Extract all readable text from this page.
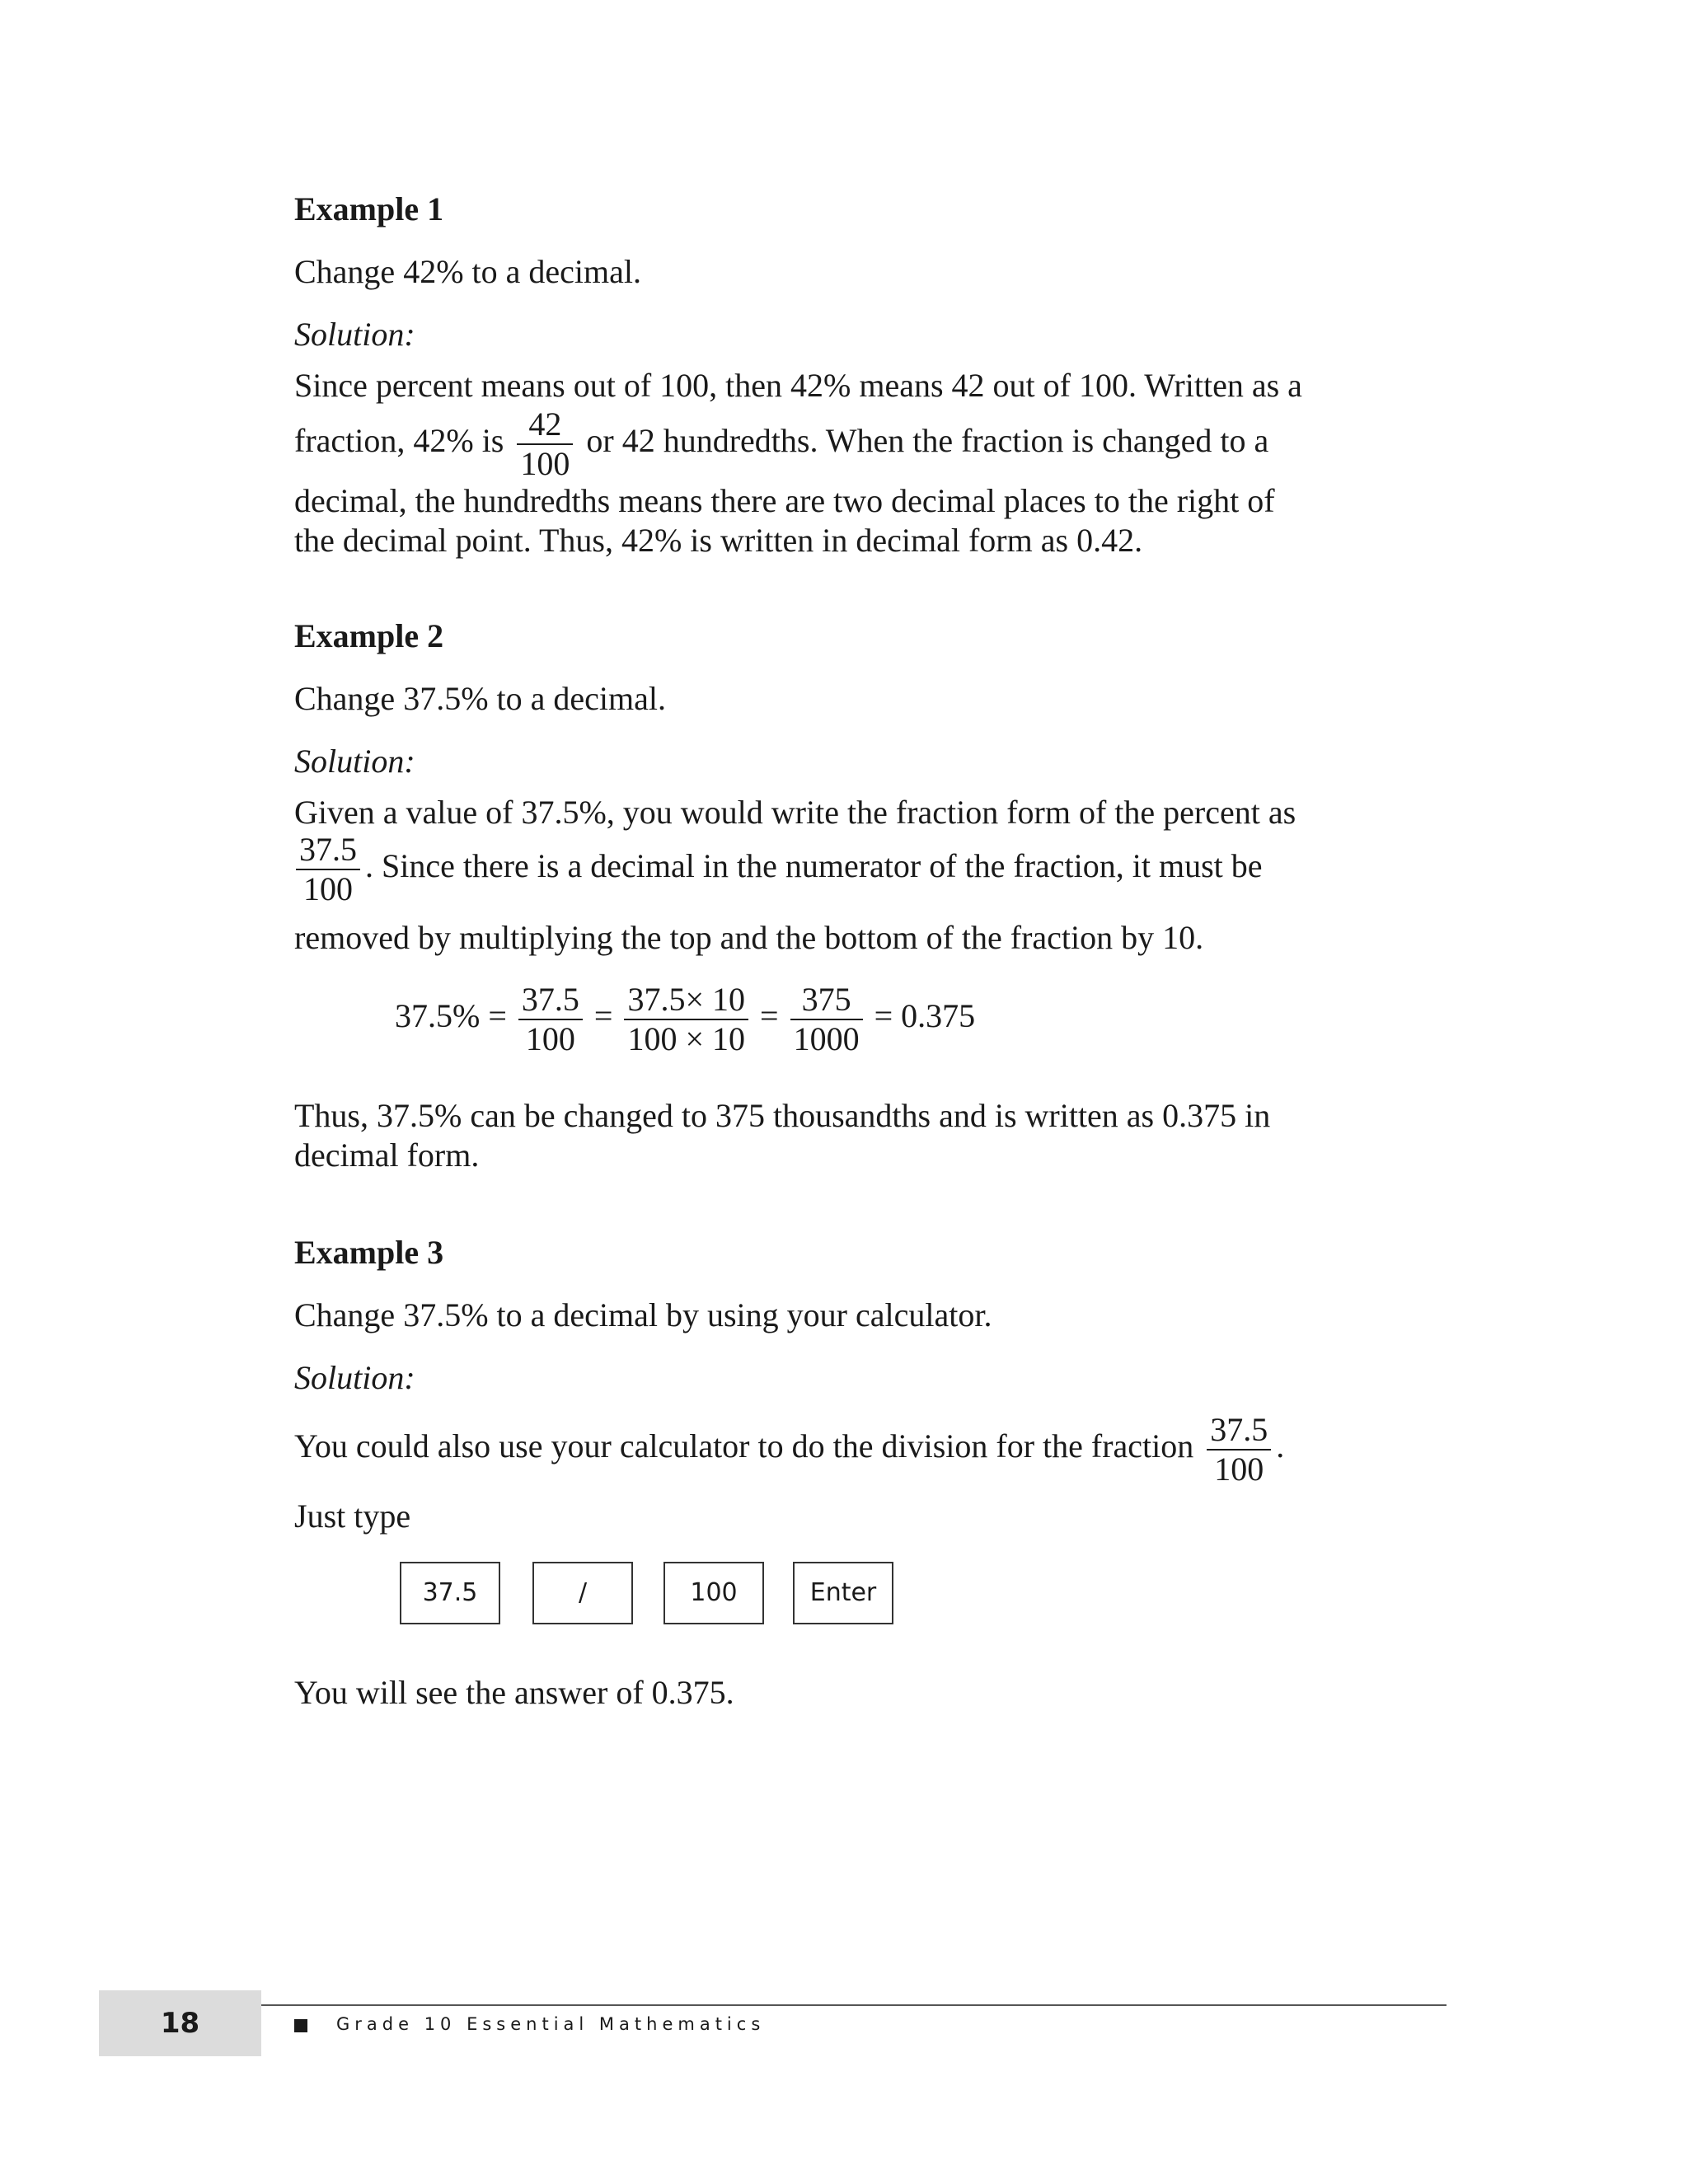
Example 1
Change 42% to a decimal.
Solution:
Since percent means out of 100, then 42% means 42 out of 100. Written as a
fraction, 42% is $\frac{42}{100}$ or 42 hundredths. When the fraction is changed to a
decimal, the hundredths means there are two decimal places to the right of
the decimal point. Thus, 42% is written in decimal form as 0.42.
Example 2
Change 37.5% to a decimal.
Solution:
Given a value of 37.5%, you would write the fraction form of the percent as
$\frac{37.5}{100}$ . Since there is a decimal in the numerator of the fraction, it must be
removed by multiplying the top and the bottom of the fraction by 10.
$37.5\% = \frac{37.5}{100} = \frac{37.5\times 10}{100 \times 10} = \frac{375}{1000} = 0.375$
Thus, 37.5% can be changed to 375 thousandths and is written as 0.375 in
decimal form.
Example 3
Change 37.5% to a decimal by using your calculator.
Solution:
You could also use your calculator to do the division for the fraction $\frac{37.5}{100}$ .
Just type
37.5	/	100	Enter
You will see the answer of 0.375.
18	Grade 10 Essential Mathematics
